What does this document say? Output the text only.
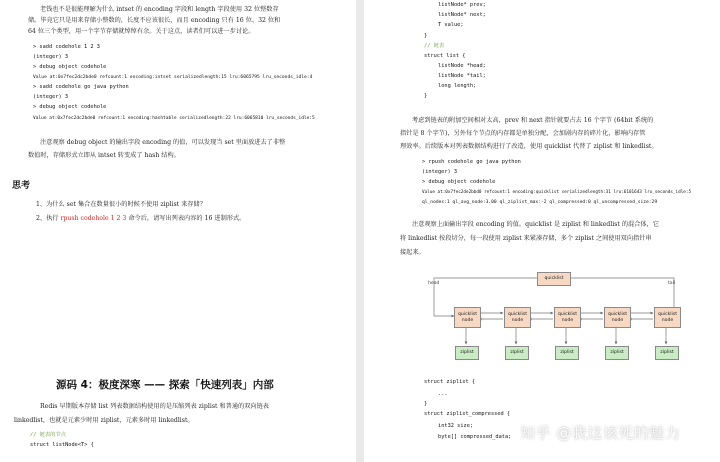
老钱也不是很能理解为什么 intset 的 encoding 字段和 length 字段使用 32 位整数存
储。毕竟它只是用来存储小整数的，长度不应该很长，而且 encoding 只有 16 位、32 位和
64 位三个类型，用一个字节存储就绰绰有余。关于这点，读者们可以进一步讨论。
> sadd codehole 1 2 3
(integer) 3
> debug object codehole
Value at:0x7fec2dc2bde0 refcount:1 encoding:intset serializedlength:15 lru:6065795 lru_seconds_idle:4
> sadd codehole go java python
(integer) 3
> debug object codehole
Value at:0x7fec2dc2bde0 refcount:1 encoding:hashtable serializedlength:22 lru:6065810 lru_seconds_idle:5
注意观察 debug object 的输出字段 encoding 的值，可以发现当 set 里面放进去了非整
数值时，存储形式立即从 intset 转变成了 hash 结构。
思考
1、为什么 set 集合在数量很小的时候不使用 ziplist 来存储？
2、执行 rpush codehole 1 2 3 命令后，请写出列表内容的 16 进制形式。
源码 4：极度深寒 —— 探索「快速列表」内部
Redis 早期版本存储 list 列表数据结构使用的是压缩列表 ziplist 和普通的双向链表
linkedlist，也就是元素少时用 ziplist，元素多时用 linkedlist。
// 链表的节点
struct listNode<T> {
listNode* prev;
listNode* next;
T value;
}
// 链表
struct list {
listNode *head;
listNode *tail;
long length;
}
考虑到链表的附加空间相对太高，prev 和 next 指针就要占去 16 个字节 (64bit 系统的
指针是 8 个字节)，另外每个节点的内存都是单独分配，会加剧内存的碎片化，影响内存管
理效率。后续版本对列表数据结构进行了改造，使用 quicklist 代替了 ziplist 和 linkedlist。
> rpush codehole go java python
(integer) 3
> debug object codehole
Value at:0x7fec2de2bbd0 refcount:1 encoding:quicklist serializedlength:31 lru:6101643 lru_seconds_idle:5
ql_nodes:1 ql_avg_node:3.00 ql_ziplist_max:-2 ql_compressed:0 ql_uncompressed_size:29
注意观察上面输出字段 encoding 的值。quicklist 是 ziplist 和 linkedlist 的混合体，它
将 linkedlist 按段切分，每一段使用 ziplist 来紧凑存储，多个 ziplist 之间使用双向指针串
接起来。
quicklist
head	tail
quicklist
node
quicklist
node
quicklist
node
quicklist
node
quicklist
node
ziplist	ziplist	ziplist	ziplist	ziplist
struct ziplist {
...
}
struct ziplist_compressed {
int32 size;
byte[] compressed_data; 知乎 @我这该死的魅力
